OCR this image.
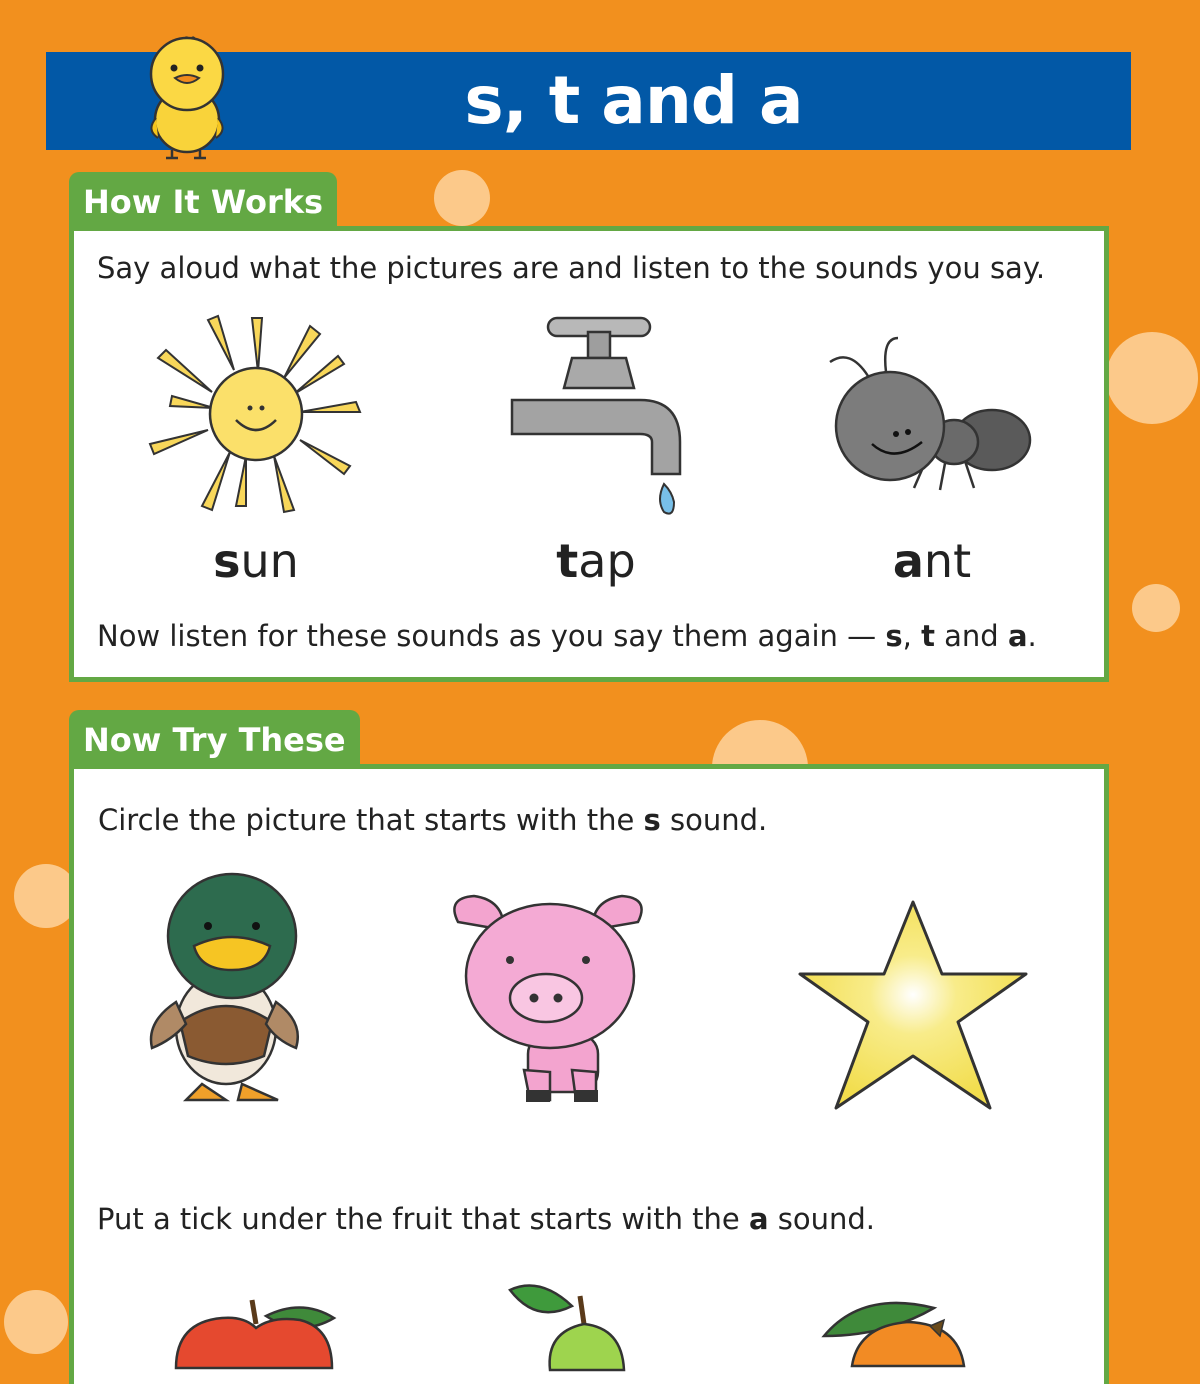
s, t and a
How It Works
Say aloud what the pictures are and listen to the sounds you say.
sun	tap	ant
Now listen for these sounds as you say them again — s, t and a.
Now Try These
Circle the picture that starts with the s sound.
Put a tick under the fruit that starts with the a sound.
